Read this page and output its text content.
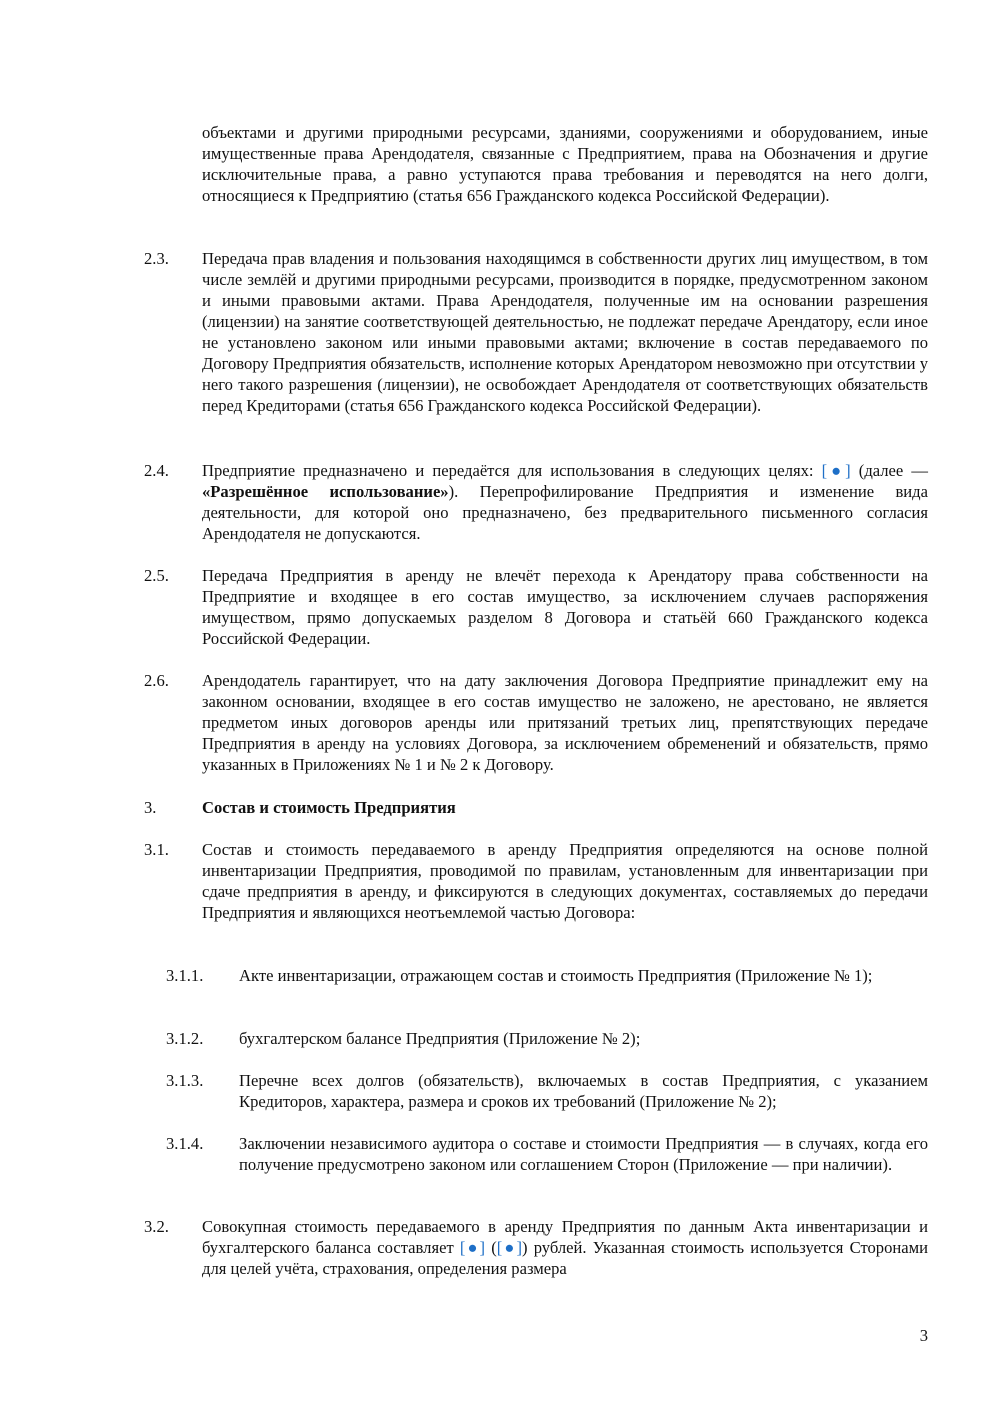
объектами и другими природными ресурсами, зданиями, сооружениями и оборудованием, иные имущественные права Арендодателя, связанные с Предприятием, права на Обозначения и другие исключительные права, а равно уступаются права требования и переводятся на него долги, относящиеся к Предприятию (статья 656 Гражданского кодекса Российской Федерации).

2.3. Передача прав владения и пользования находящимся в собственности других лиц имуществом, в том числе землёй и другими природными ресурсами, производится в порядке, предусмотренном законом и иными правовыми актами. Права Арендодателя, полученные им на основании разрешения (лицензии) на занятие соответствующей деятельностью, не подлежат передаче Арендатору, если иное не установлено законом или иными правовыми актами; включение в состав передаваемого по Договору Предприятия обязательств, исполнение которых Арендатором невозможно при отсутствии у него такого разрешения (лицензии), не освобождает Арендодателя от соответствующих обязательств перед Кредиторами (статья 656 Гражданского кодекса Российской Федерации).

2.4. Предприятие предназначено и передаётся для использования в следующих целях: [●] (далее — «Разрешённое использование»). Перепрофилирование Предприятия и изменение вида деятельности, для которой оно предназначено, без предварительного письменного согласия Арендодателя не допускаются.

2.5. Передача Предприятия в аренду не влечёт перехода к Арендатору права собственности на Предприятие и входящее в его состав имущество, за исключением случаев распоряжения имуществом, прямо допускаемых разделом 8 Договора и статьёй 660 Гражданского кодекса Российской Федерации.

2.6. Арендодатель гарантирует, что на дату заключения Договора Предприятие принадлежит ему на законном основании, входящее в его состав имущество не заложено, не арестовано, не является предметом иных договоров аренды или притязаний третьих лиц, препятствующих передаче Предприятия в аренду на условиях Договора, за исключением обременений и обязательств, прямо указанных в Приложениях № 1 и № 2 к Договору.

3.	Состав и стоимость Предприятия

3.1. Состав и стоимость передаваемого в аренду Предприятия определяются на основе полной инвентаризации Предприятия, проводимой по правилам, установленным для инвентаризации при сдаче предприятия в аренду, и фиксируются в следующих документах, составляемых до передачи Предприятия и являющихся неотъемлемой частью Договора:

3.1.1. Акте инвентаризации, отражающем состав и стоимость Предприятия (Приложение № 1);

3.1.2. бухгалтерском балансе Предприятия (Приложение № 2);

3.1.3. Перечне всех долгов (обязательств), включаемых в состав Предприятия, с указанием Кредиторов, характера, размера и сроков их требований (Приложение № 2);

3.1.4. Заключении независимого аудитора о составе и стоимости Предприятия — в случаях, когда его получение предусмотрено законом или соглашением Сторон (Приложение — при наличии).

3.2. Совокупная стоимость передаваемого в аренду Предприятия по данным Акта инвентаризации и бухгалтерского баланса составляет [●] ([●]) рублей. Указанная стоимость используется Сторонами для целей учёта, страхования, определения размера

3
